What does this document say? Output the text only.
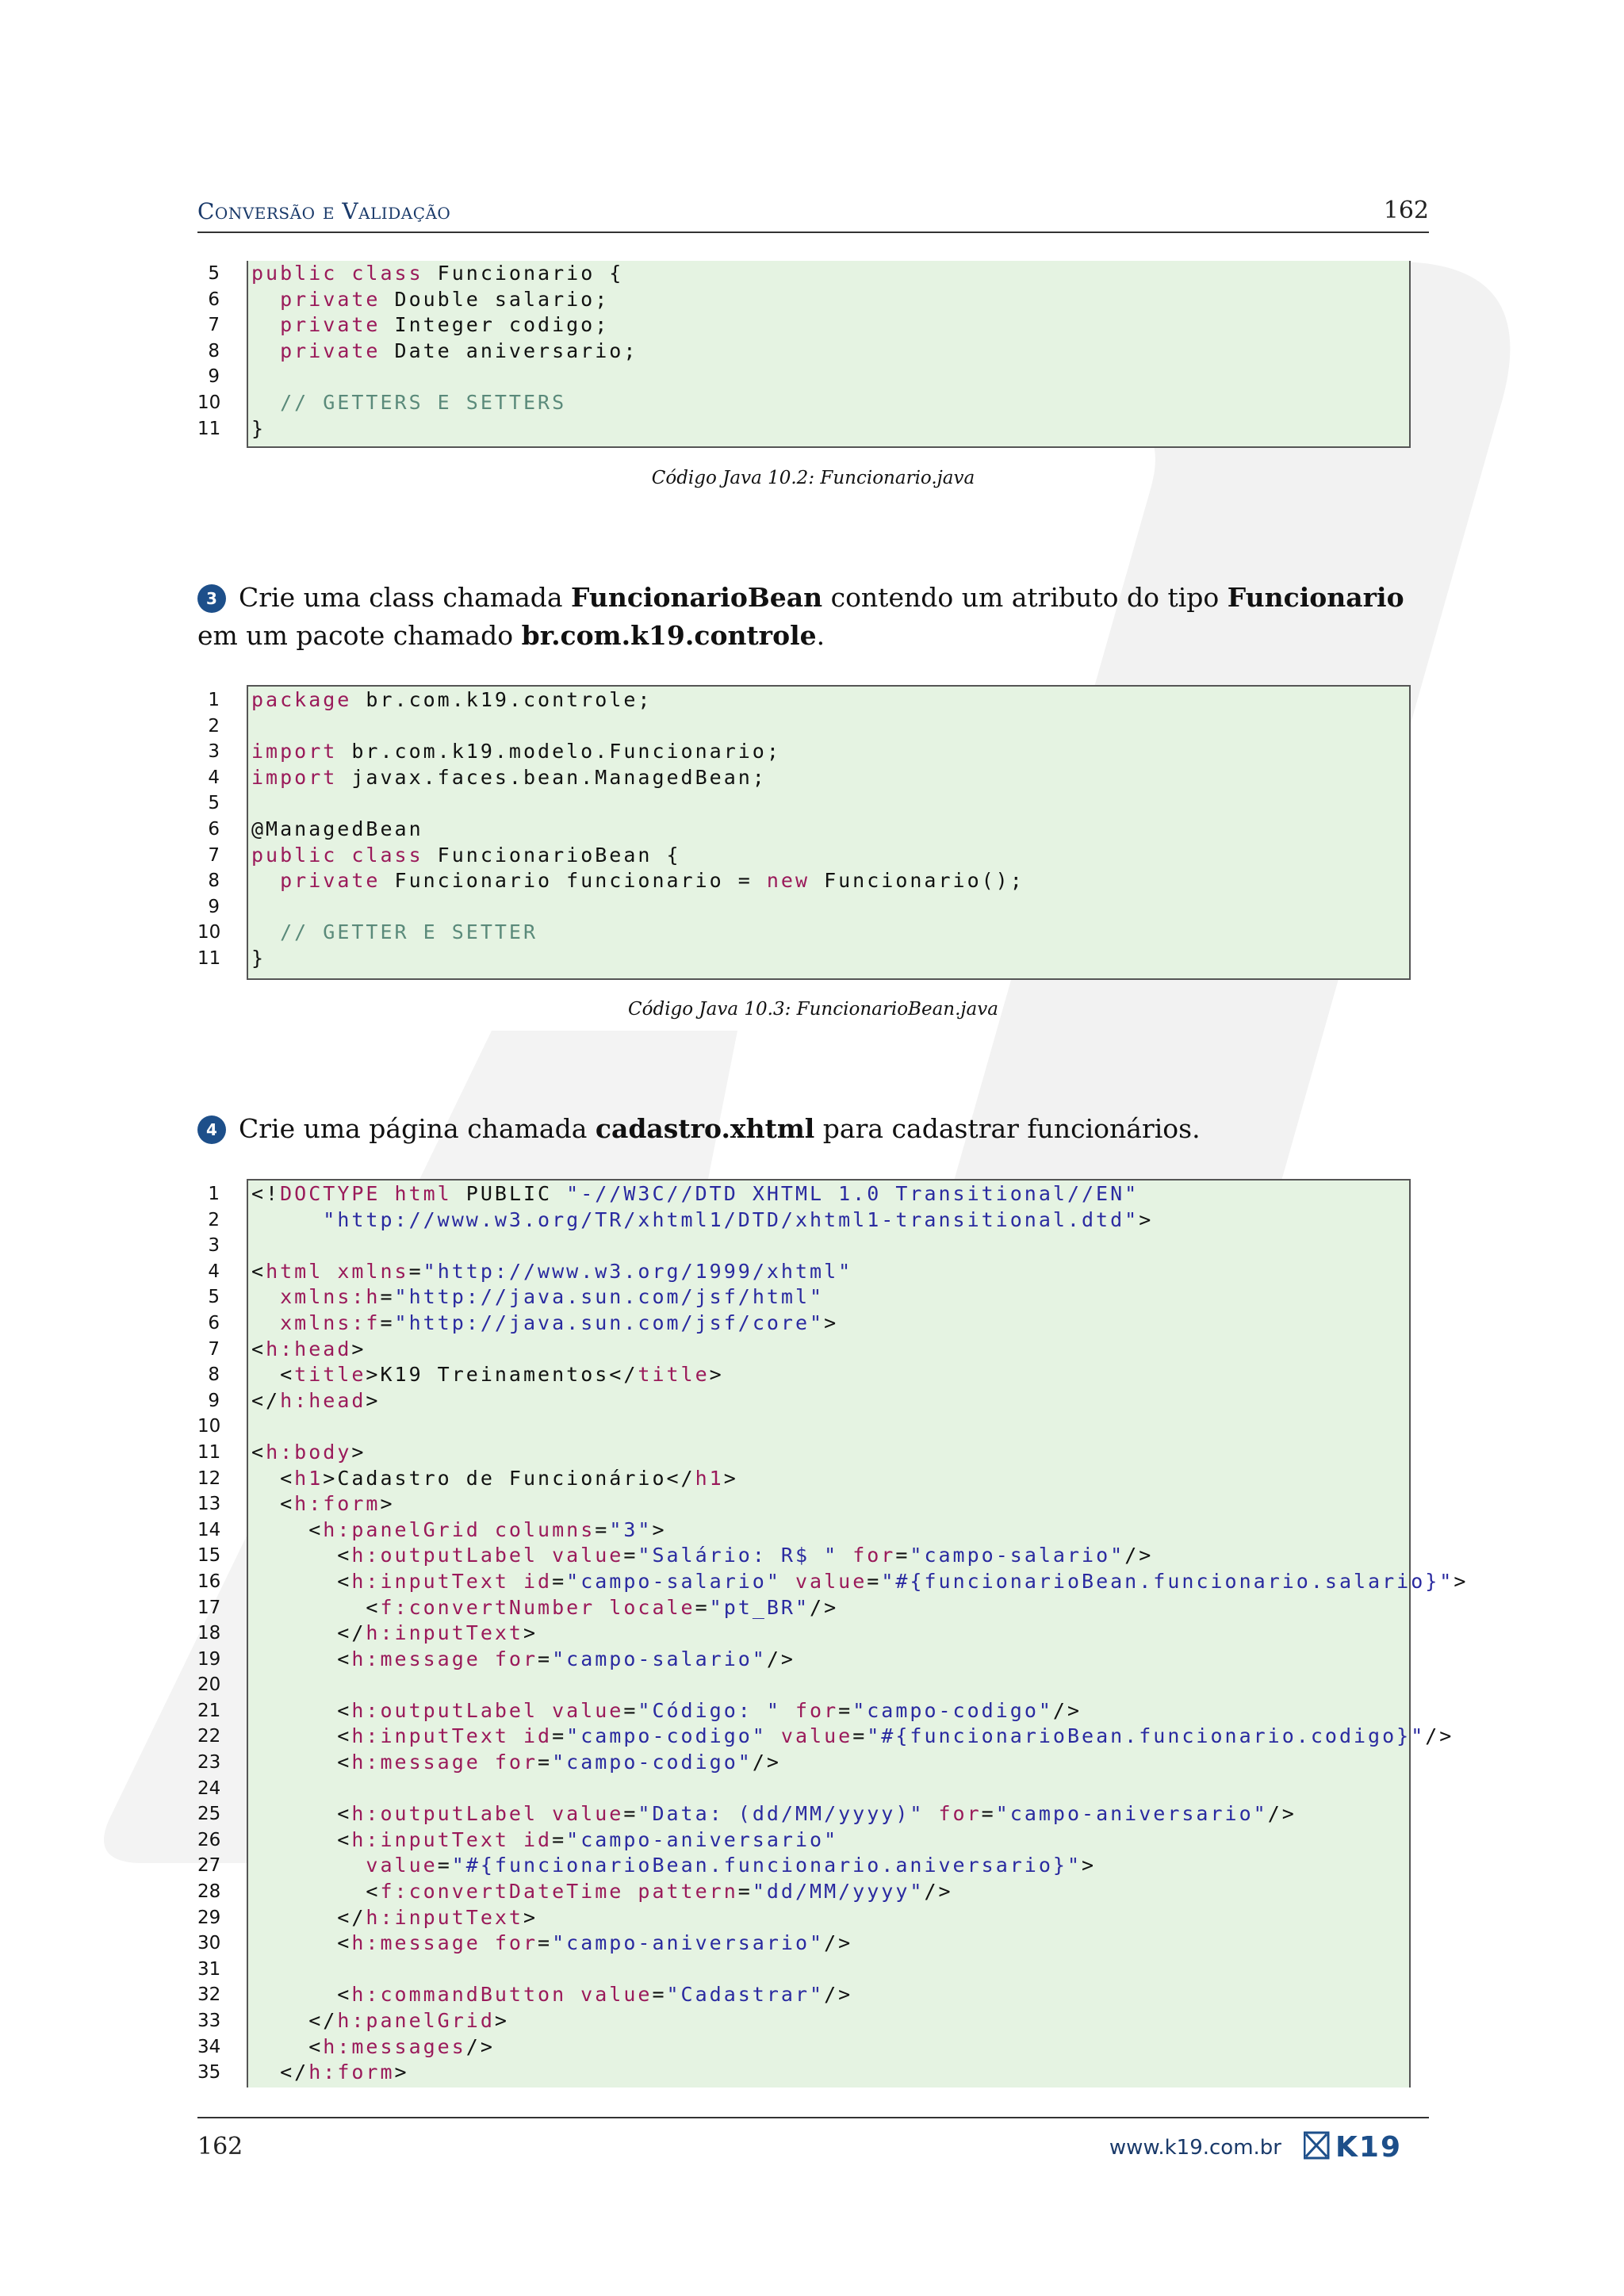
Conversão e Validação	162
5 public class Funcionario {
6	private Double salario;
7	private Integer codigo;
8	private Date aniversario;
9
10	// GETTERS E SETTERS
11 }
Código Java 10.2: Funcionario.java
3 Crie uma class chamada FuncionarioBean contendo um atributo do tipo Funcionario em um pacote chamado br.com.k19.controle.
1 package br.com.k19.controle;
2
3 import br.com.k19.modelo.Funcionario;
4 import javax.faces.bean.ManagedBean;
5
6 @ManagedBean
7 public class FuncionarioBean {
8	private Funcionario funcionario = new Funcionario();
9
10	// GETTER E SETTER
11 }
Código Java 10.3: FuncionarioBean.java
4 Crie uma página chamada cadastro.xhtml para cadastrar funcionários.
1 <!DOCTYPE html PUBLIC "-//W3C//DTD XHTML 1.0 Transitional//EN"
2	"http://www.w3.org/TR/xhtml1/DTD/xhtml1-transitional.dtd">
3
4 <html xmlns="http://www.w3.org/1999/xhtml"
5	xmlns:h="http://java.sun.com/jsf/html"
6	xmlns:f="http://java.sun.com/jsf/core">
7 <h:head>
8 <title>K19 Treinamentos</title>
9 </h:head>
10
11 <h:body>
12 <h1>Cadastro de Funcionário</h1>
13 <h:form>
14 <h:panelGrid columns="3">
15 <h:outputLabel value="Salário: R$ " for="campo-salario"/>
16 <h:inputText id="campo-salario" value="#{funcionarioBean.funcionario.salario}">
17 <f:convertNumber locale="pt_BR"/>
18 </h:inputText>
19 <h:message for="campo-salario"/>
20
21 <h:outputLabel value="Código: " for="campo-codigo"/>
22 <h:inputText id="campo-codigo" value="#{funcionarioBean.funcionario.codigo}"/>
23 <h:message for="campo-codigo"/>
24
25 <h:outputLabel value="Data: (dd/MM/yyyy)" for="campo-aniversario"/>
26 <h:inputText id="campo-aniversario"
27	value="#{funcionarioBean.funcionario.aniversario}">
28 <f:convertDateTime pattern="dd/MM/yyyy"/>
29 </h:inputText>
30 <h:message for="campo-aniversario"/>
31
32 <h:commandButton value="Cadastrar"/>
33 </h:panelGrid>
34 <h:messages/>
35 </h:form>
162	www.k19.com.br K19
